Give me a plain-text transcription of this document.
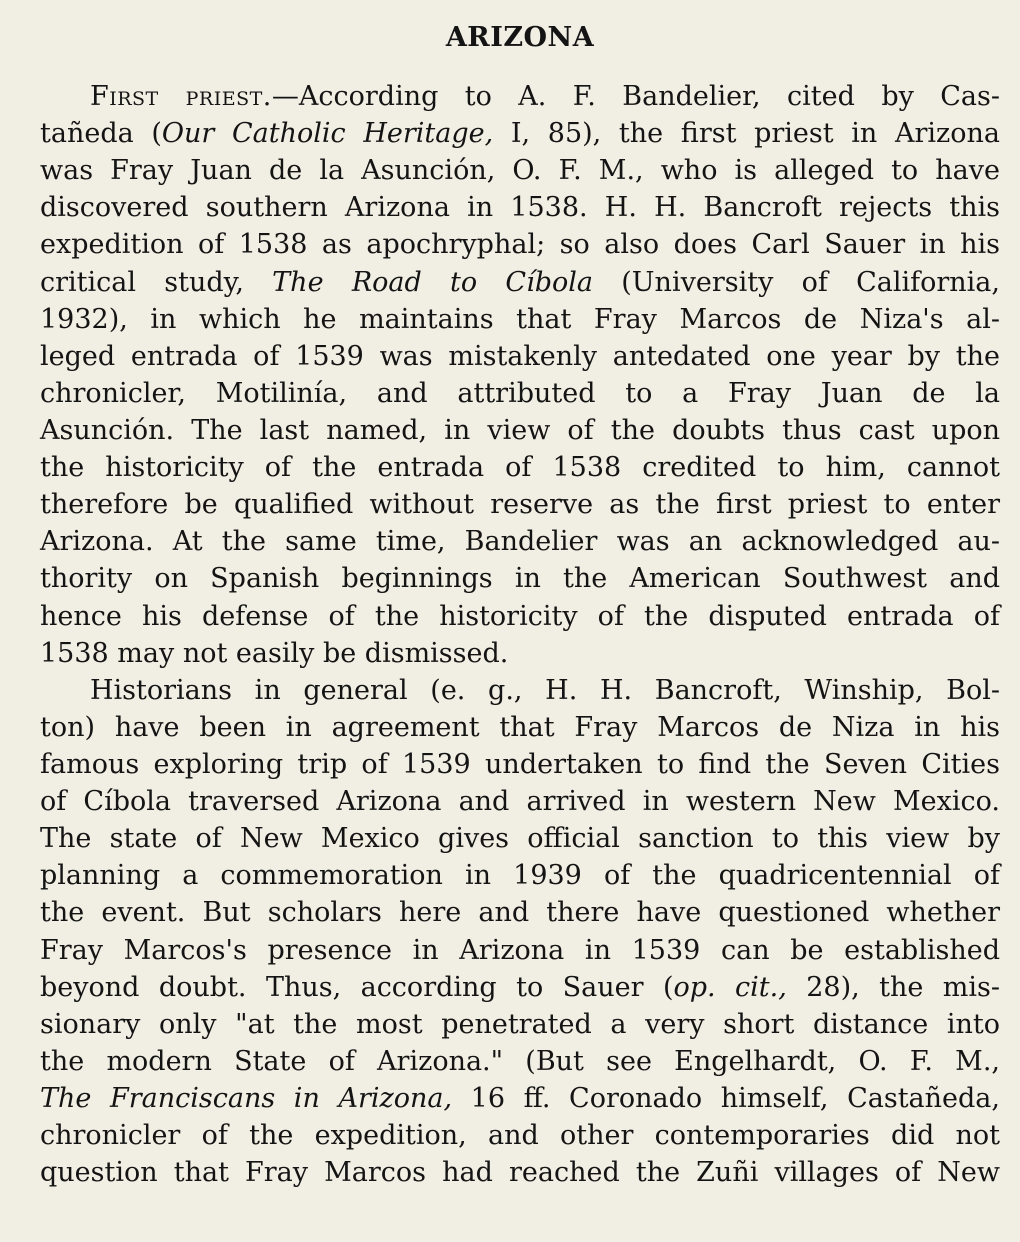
ARIZONA
First priest.—According to A. F. Bandelier, cited by Cas-
tañeda (Our Catholic Heritage, I, 85), the first priest in Arizona
was Fray Juan de la Asunción, O. F. M., who is alleged to have
discovered southern Arizona in 1538. H. H. Bancroft rejects this
expedition of 1538 as apochryphal; so also does Carl Sauer in his
critical study, The Road to Cíbola (University of California,
1932), in which he maintains that Fray Marcos de Niza's al-
leged entrada of 1539 was mistakenly antedated one year by the
chronicler, Motilinía, and attributed to a Fray Juan de la
Asunción. The last named, in view of the doubts thus cast upon
the historicity of the entrada of 1538 credited to him, cannot
therefore be qualified without reserve as the first priest to enter
Arizona. At the same time, Bandelier was an acknowledged au-
thority on Spanish beginnings in the American Southwest and
hence his defense of the historicity of the disputed entrada of
1538 may not easily be dismissed.
Historians in general (e. g., H. H. Bancroft, Winship, Bol-
ton) have been in agreement that Fray Marcos de Niza in his
famous exploring trip of 1539 undertaken to find the Seven Cities
of Cíbola traversed Arizona and arrived in western New Mexico.
The state of New Mexico gives official sanction to this view by
planning a commemoration in 1939 of the quadricentennial of
the event. But scholars here and there have questioned whether
Fray Marcos's presence in Arizona in 1539 can be established
beyond doubt. Thus, according to Sauer (op. cit., 28), the mis-
sionary only "at the most penetrated a very short distance into
the modern State of Arizona." (But see Engelhardt, O. F. M.,
The Franciscans in Arizona, 16 ff. Coronado himself, Castañeda,
chronicler of the expedition, and other contemporaries did not
question that Fray Marcos had reached the Zuñi villages of New
